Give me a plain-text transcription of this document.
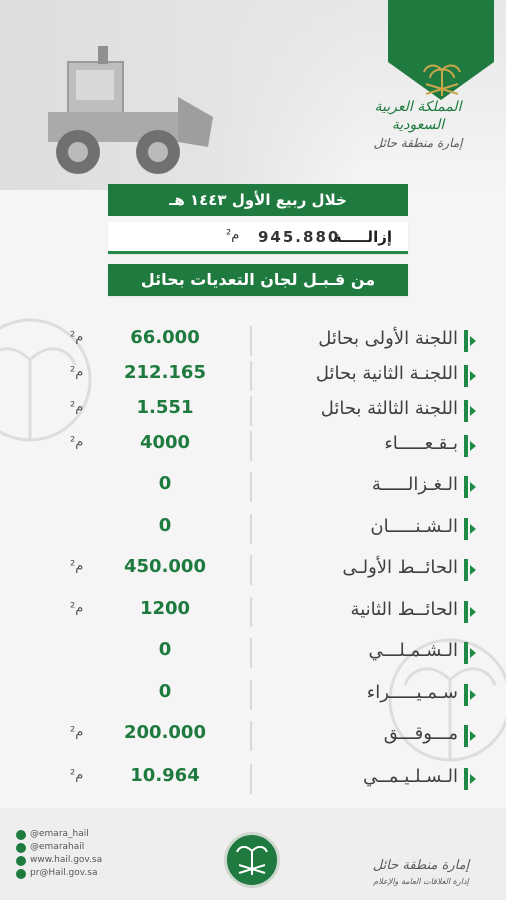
المملكة العربية السعودية
إمارة منطقة حائل
خلال ربيع الأول ١٤٤٣ هـ
م² 945.880
إزالـــــة
من قـبـل لجان التعديات بحائل
اللجنة الأولى بحائل
66.000
م²
اللجنـة الثانية بحائل
212.165
م²
اللجنة الثالثة بحائل
1.551
م²
بـقـعـــــاء
4000
م²
الـغـزالـــــة
0
الـشـنـــــان
0
الحائــط الأولـى
450.000
م²
الحائــط الثانية
1200
م²
الـشـمـلـــي
0
سـمـيـــــراء
0
مـــوقـــق
200.000
م²
الـسـلـيـمــي
10.964
م²
@emara_hail
@emarahail
www.hail.gov.sa
pr@Hail.gov.sa	إمارة منطقة حائل
إدارة العلاقات العامة والإعلام
